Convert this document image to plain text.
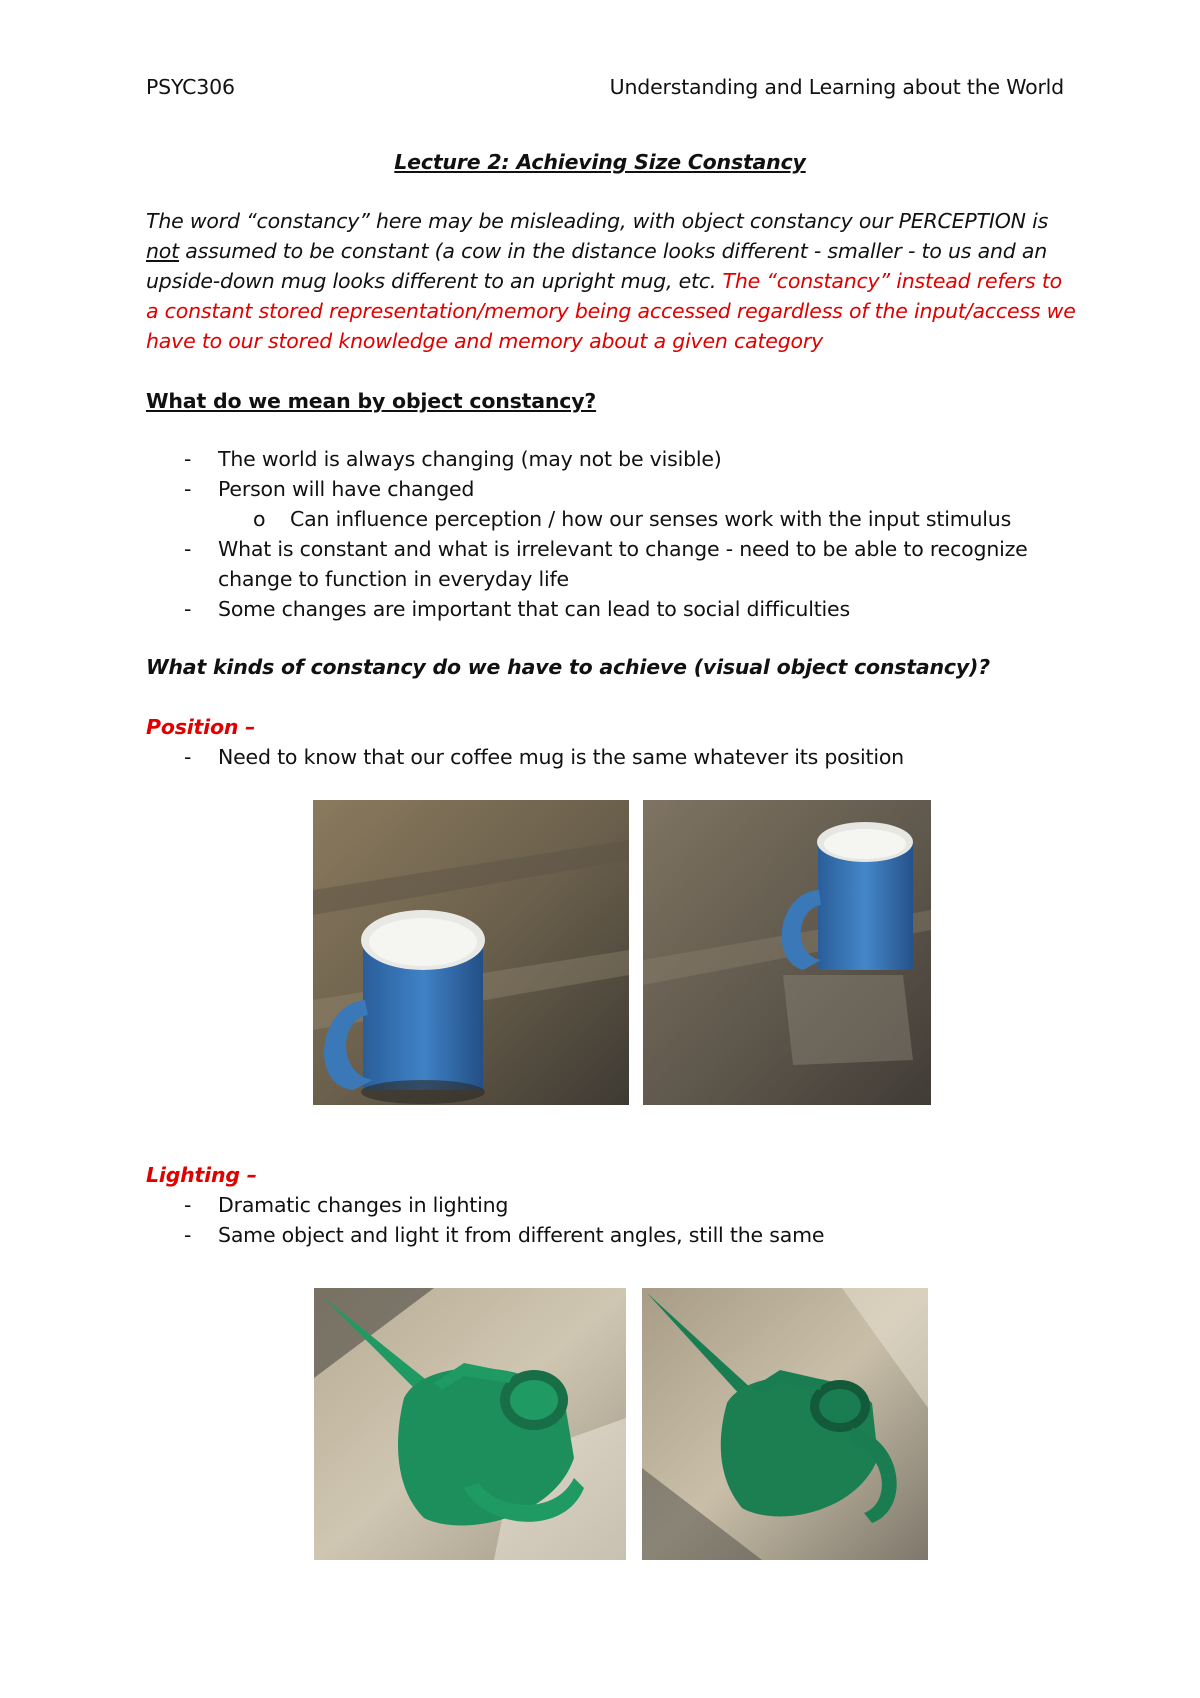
PSYC306	Understanding and Learning about the World
Lecture 2: Achieving Size Constancy
The word “constancy” here may be misleading, with object constancy our PERCEPTION is not assumed to be constant (a cow in the distance looks different - smaller - to us and an upside-down mug looks different to an upright mug, etc. The “constancy” instead refers to a constant stored representation/memory being accessed regardless of the input/access we have to our stored knowledge and memory about a given category
What do we mean by object constancy?
- The world is always changing (may not be visible)
- Person will have changed
o Can influence perception / how our senses work with the input stimulus
- What is constant and what is irrelevant to change - need to be able to recognize
change to function in everyday life
- Some changes are important that can lead to social difficulties
What kinds of constancy do we have to achieve (visual object constancy)?
Position –
- Need to know that our coffee mug is the same whatever its position
Lighting –
- Dramatic changes in lighting
- Same object and light it from different angles, still the same
